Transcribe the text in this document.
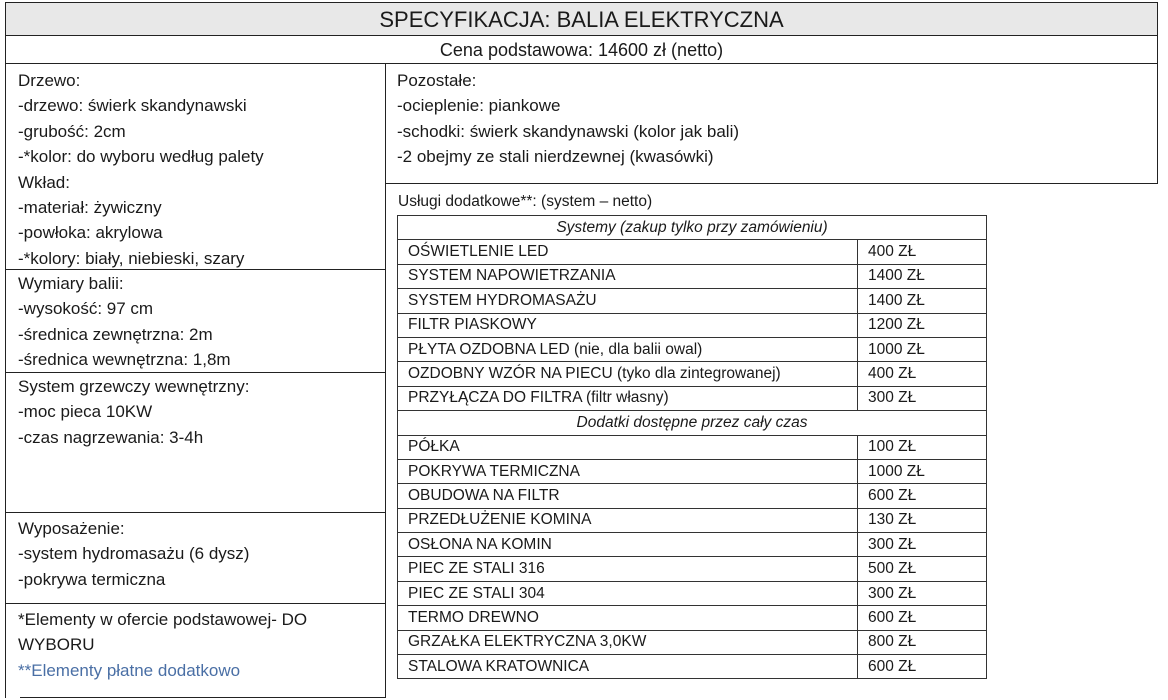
SPECYFIKACJA: BALIA ELEKTRYCZNA
Cena podstawowa: 14600 zł (netto)

Drzewo:

-drzewo: świerk skandynawski

-grubość: 2cm

-*kolor: do wyboru według palety

Wkład:

-materiał: żywiczny

-powłoka: akrylowa

-*kolory: biały, niebieski, szary

Wymiary balii:

-wysokość: 97 cm

-średnica zewnętrzna: 2m

-średnica wewnętrzna: 1,8m

System grzewczy wewnętrzny:

-moc pieca 10KW

-czas nagrzewania: 3-4h

Wyposażenie:

-system hydromasażu (6 dysz)

-pokrywa termiczna

*Elementy w ofercie podstawowej- DO

WYBORU

**Elementy płatne dodatkowo

Pozostałe:

-ocieplenie: piankowe

-schodki: świerk skandynawski (kolor jak bali)

-2 obejmy ze stali nierdzewnej (kwasówki)

Usługi dodatkowe**: (system – netto)
Systemy (zakup tylko przy zamówieniu)	
OŚWIETLENIE LED	400 ZŁ
SYSTEM NAPOWIETRZANIA	1400 ZŁ
SYSTEM HYDROMASAŻU	1400 ZŁ
FILTR PIASKOWY	1200 ZŁ
PŁYTA OZDOBNA LED (nie, dla balii owal)	1000 ZŁ
OZDOBNY WZÓR NA PIECU (tyko dla zintegrowanej)	400 ZŁ
PRZYŁĄCZA DO FILTRA (filtr własny)	300 ZŁ
Dodatki dostępne przez cały czas	
PÓŁKA	100 ZŁ
POKRYWA TERMICZNA	1000 ZŁ
OBUDOWA NA FILTR	600 ZŁ
PRZEDŁUŻENIE KOMINA	130 ZŁ
OSŁONA NA KOMIN	300 ZŁ
PIEC ZE STALI 316	500 ZŁ
PIEC ZE STALI 304	300 ZŁ
TERMO DREWNO	600 ZŁ
GRZAŁKA ELEKTRYCZNA 3,0KW	800 ZŁ
STALOWA KRATOWNICA	600 ZŁ
